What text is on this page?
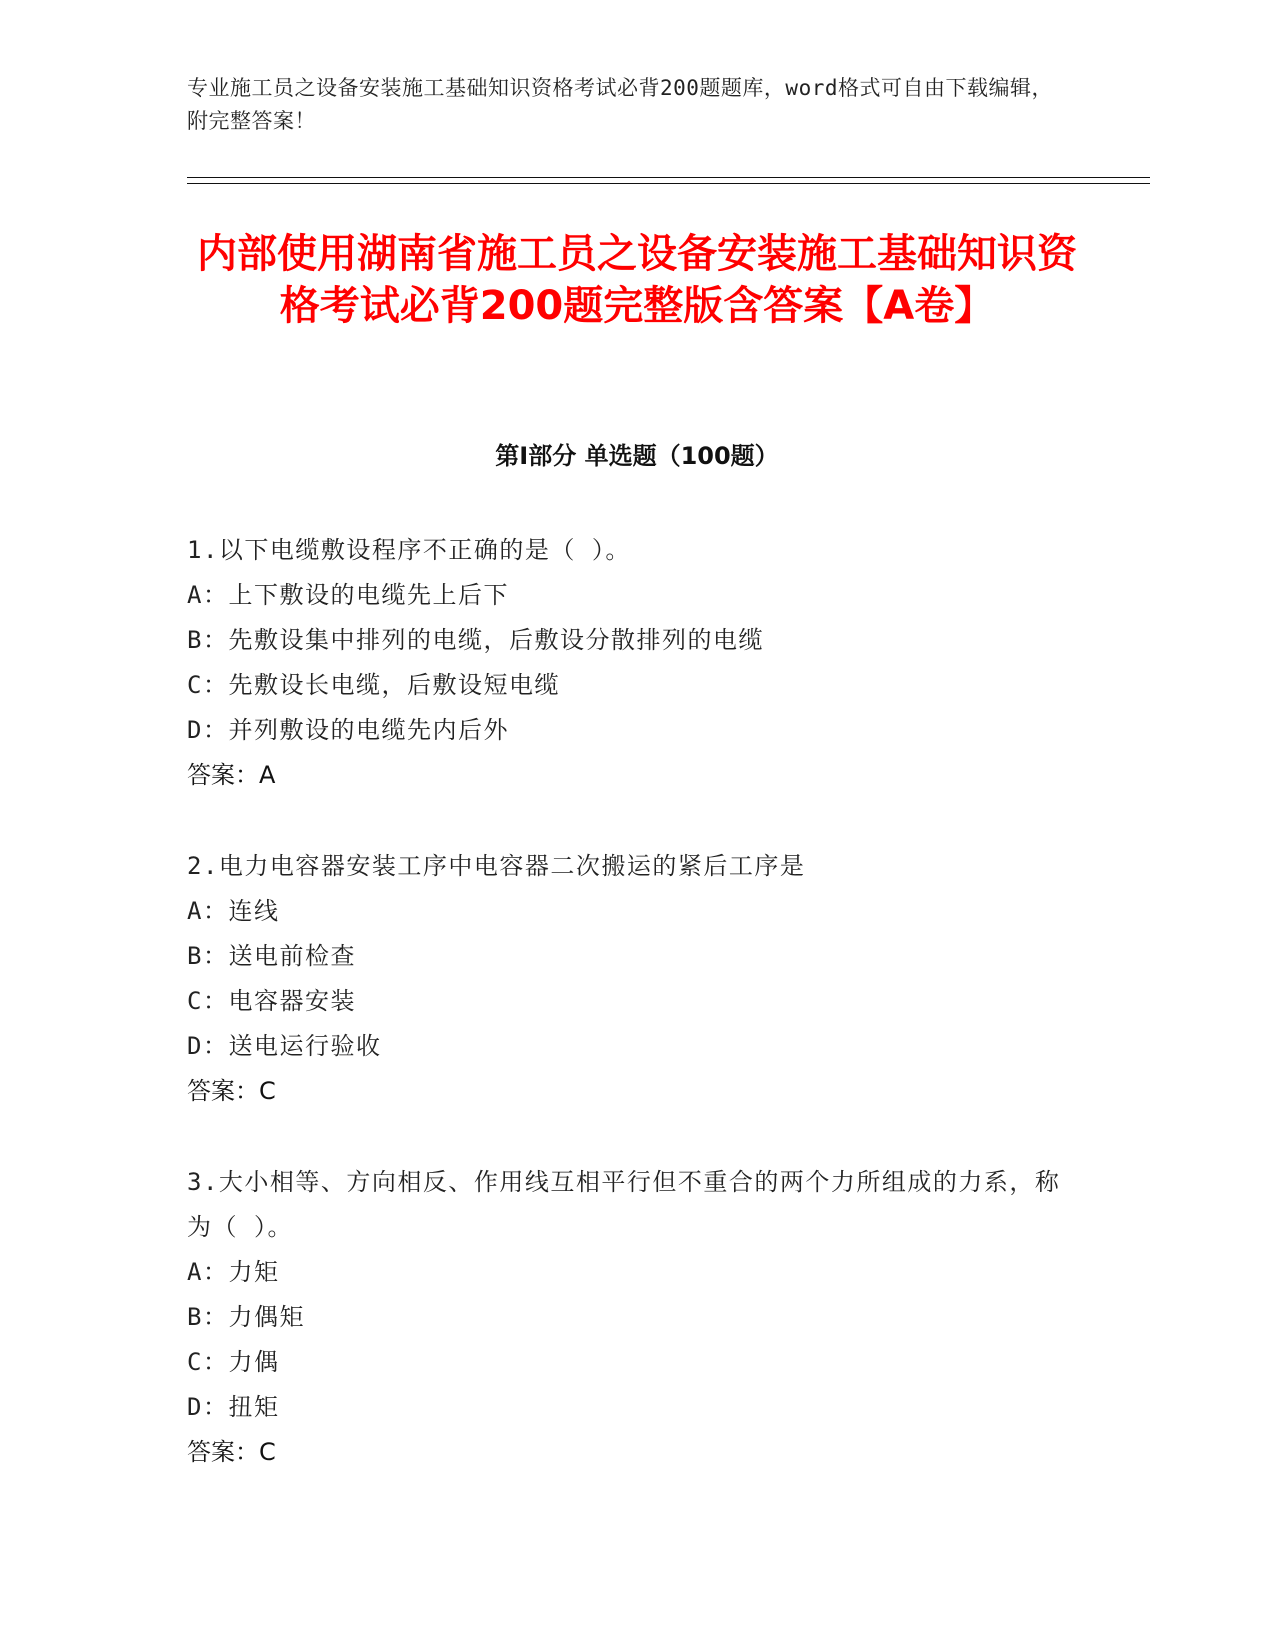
专业施工员之设备安装施工基础知识资格考试必背200题题库，word格式可自由下载编辑，附完整答案！
内部使用湖南省施工员之设备安装施工基础知识资格考试必背200题完整版含答案【A卷】
第Ⅰ部分 单选题（100题）

1.以下电缆敷设程序不正确的是（ ）。

A：上下敷设的电缆先上后下

B：先敷设集中排列的电缆，后敷设分散排列的电缆

C：先敷设长电缆，后敷设短电缆

D：并列敷设的电缆先内后外

答案：A

2.电力电容器安装工序中电容器二次搬运的紧后工序是

A：连线

B：送电前检查

C：电容器安装

D：送电运行验收

答案：C

3.大小相等、方向相反、作用线互相平行但不重合的两个力所组成的力系，称为（ ）。

A：力矩

B：力偶矩

C：力偶

D：扭矩

答案：C
